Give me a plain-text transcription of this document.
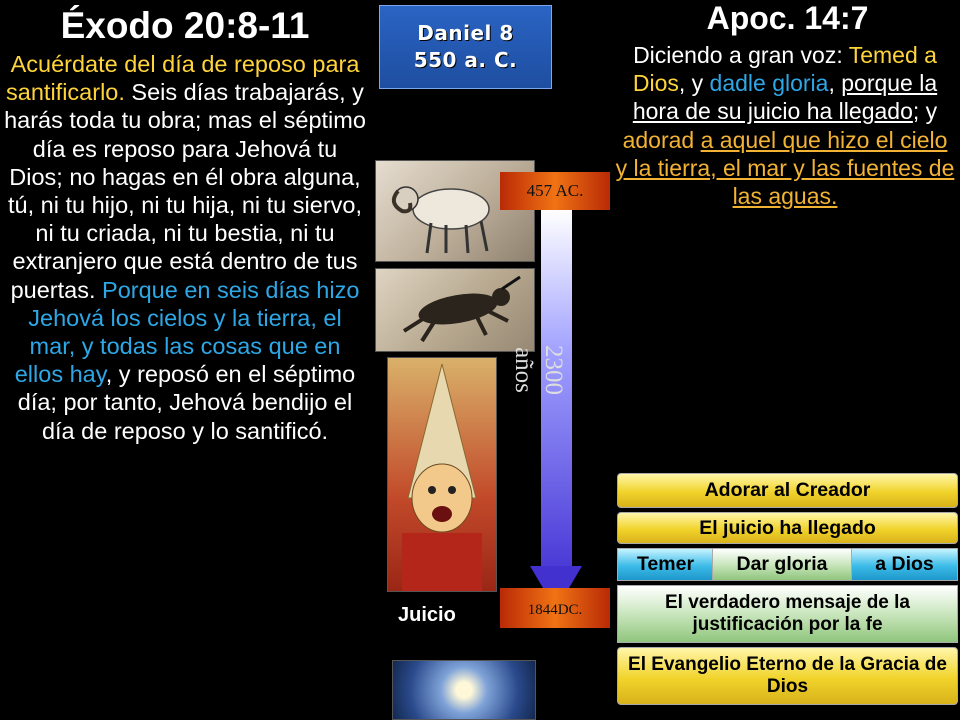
Éxodo 20:8-11
Acuérdate del día de reposo para santificarlo. Seis días trabajarás, y harás toda tu obra; mas el séptimo día es reposo para Jehová tu Dios; no hagas en él obra alguna, tú, ni tu hijo, ni tu hija, ni tu siervo, ni tu criada, ni tu bestia, ni tu extranjero que está dentro de tus puertas. Porque en seis días hizo Jehová los cielos y la tierra, el mar, y todas las cosas que en ellos hay, y reposó en el séptimo día; por tanto, Jehová bendijo el día de reposo y lo santificó.
Daniel 8
550 a. C.
457 AC.
2300 años
1844DC.
Juicio
Apoc. 14:7
Diciendo a gran voz: Temed a Dios, y dadle gloria, porque la hora de su juicio ha llegado; y adorad a aquel que hizo el cielo y la tierra, el mar y las fuentes de las aguas.
Adorar al Creador
El juicio ha llegado
Temer	Dar gloria	a Dios
El verdadero mensaje de la justificación por la fe
El Evangelio Eterno de la Gracia de Dios
